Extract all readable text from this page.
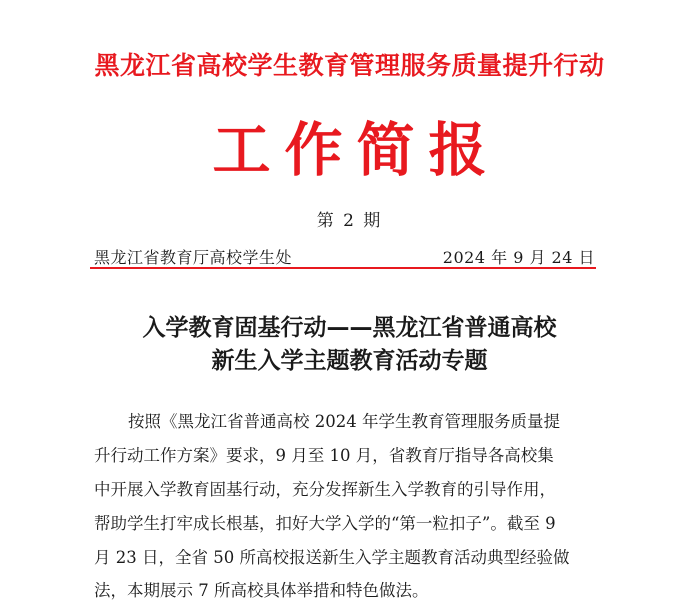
黑龙江省高校学生教育管理服务质量提升行动
工作简报
第 2 期
黑龙江省教育厅高校学生处	2024 年 9 月 24 日
入学教育固基行动——黑龙江省普通高校
新生入学主题教育活动专题
按照《黑龙江省普通高校 2024 年学生教育管理服务质量提
升行动工作方案》要求，9 月至 10 月，省教育厅指导各高校集
中开展入学教育固基行动，充分发挥新生入学教育的引导作用，
帮助学生打牢成长根基，扣好大学入学的“第一粒扣子”。截至 9
月 23 日，全省 50 所高校报送新生入学主题教育活动典型经验做
法，本期展示 7 所高校具体举措和特色做法。
